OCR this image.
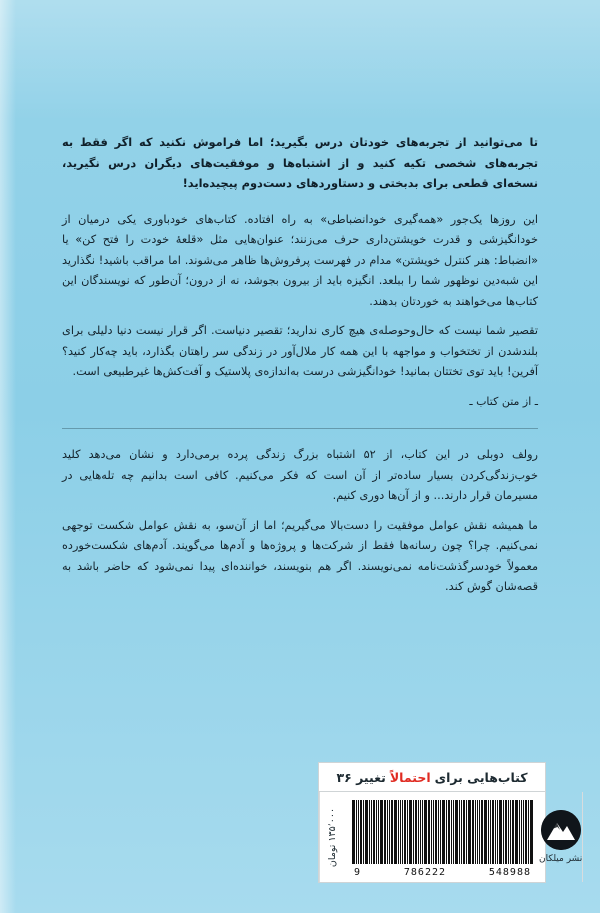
تا می‌توانید از تجربه‌های خودتان درس بگیرید؛ اما فراموش نکنید که اگر فقط به تجربه‌های شخصی تکیه کنید و از اشتباه‌ها و موفقیت‌های دیگران درس نگیرید، نسخه‌ای قطعی برای بدبختی و دستاوردهای دست‌دوم پیچیده‌اید!

این روزها یک‌جور «همه‌گیری خودانضباطی» به راه افتاده. کتاب‌های خودباوری یکی درمیان از خودانگیزشی و قدرت خویشتن‌داری حرف می‌زنند؛ عنوان‌هایی مثل «قلعهٔ خودت را فتح کن» یا «انضباط: هنر کنترل خویشتن» مدام در فهرست پرفروش‌ها ظاهر می‌شوند. اما مراقب باشید! نگذارید این شبه‌دین نوظهور شما را ببلعد. انگیزه باید از بیرون بجوشد، نه از درون؛ آن‌طور که نویسندگان این کتاب‌ها می‌خواهند به خوردتان بدهند.

تقصیر شما نیست که حال‌وحوصله‌ی هیچ کاری ندارید؛ تقصیر دنیاست. اگر قرار نیست دنیا دلیلی برای بلندشدن از تختخواب و مواجهه با این همه کار ملال‌آور در زندگی سر راهتان بگذارد، باید چه‌کار کنید؟ آفرین! باید توی تختتان بمانید! خودانگیزشی درست به‌اندازه‌ی پلاستیک و آفت‌کش‌ها غیرطبیعی است.

ـ از متن کتاب ـ

رولف دوبلی در این کتاب، از ۵۲ اشتباه بزرگ زندگی پرده برمی‌دارد و نشان می‌دهد کلید خوب‌زندگی‌کردن بسیار ساده‌تر از آن است که فکر می‌کنیم. کافی است بدانیم چه تله‌هایی در مسیرمان قرار دارند... و از آن‌ها دوری کنیم.

ما همیشه نقش عوامل موفقیت را دست‌بالا می‌گیریم؛ اما از آن‌سو، به نقش عوامل شکست توجهی نمی‌کنیم. چرا؟ چون رسانه‌ها فقط از شرکت‌ها و پروژه‌ها و آدم‌ها می‌گویند. آدم‌های شکست‌خورده معمولاً خودسرگذشت‌نامه نمی‌نویسند. اگر هم بنویسند، خواننده‌ای پیدا نمی‌شود که حاضر باشد به قصه‌شان گوش کند.

کتاب‌هایی برای
احتمالاً
تغییر ۳۶
۱۳۵٬۰۰۰ تومان
9	786222	548988
نشر میلکان
